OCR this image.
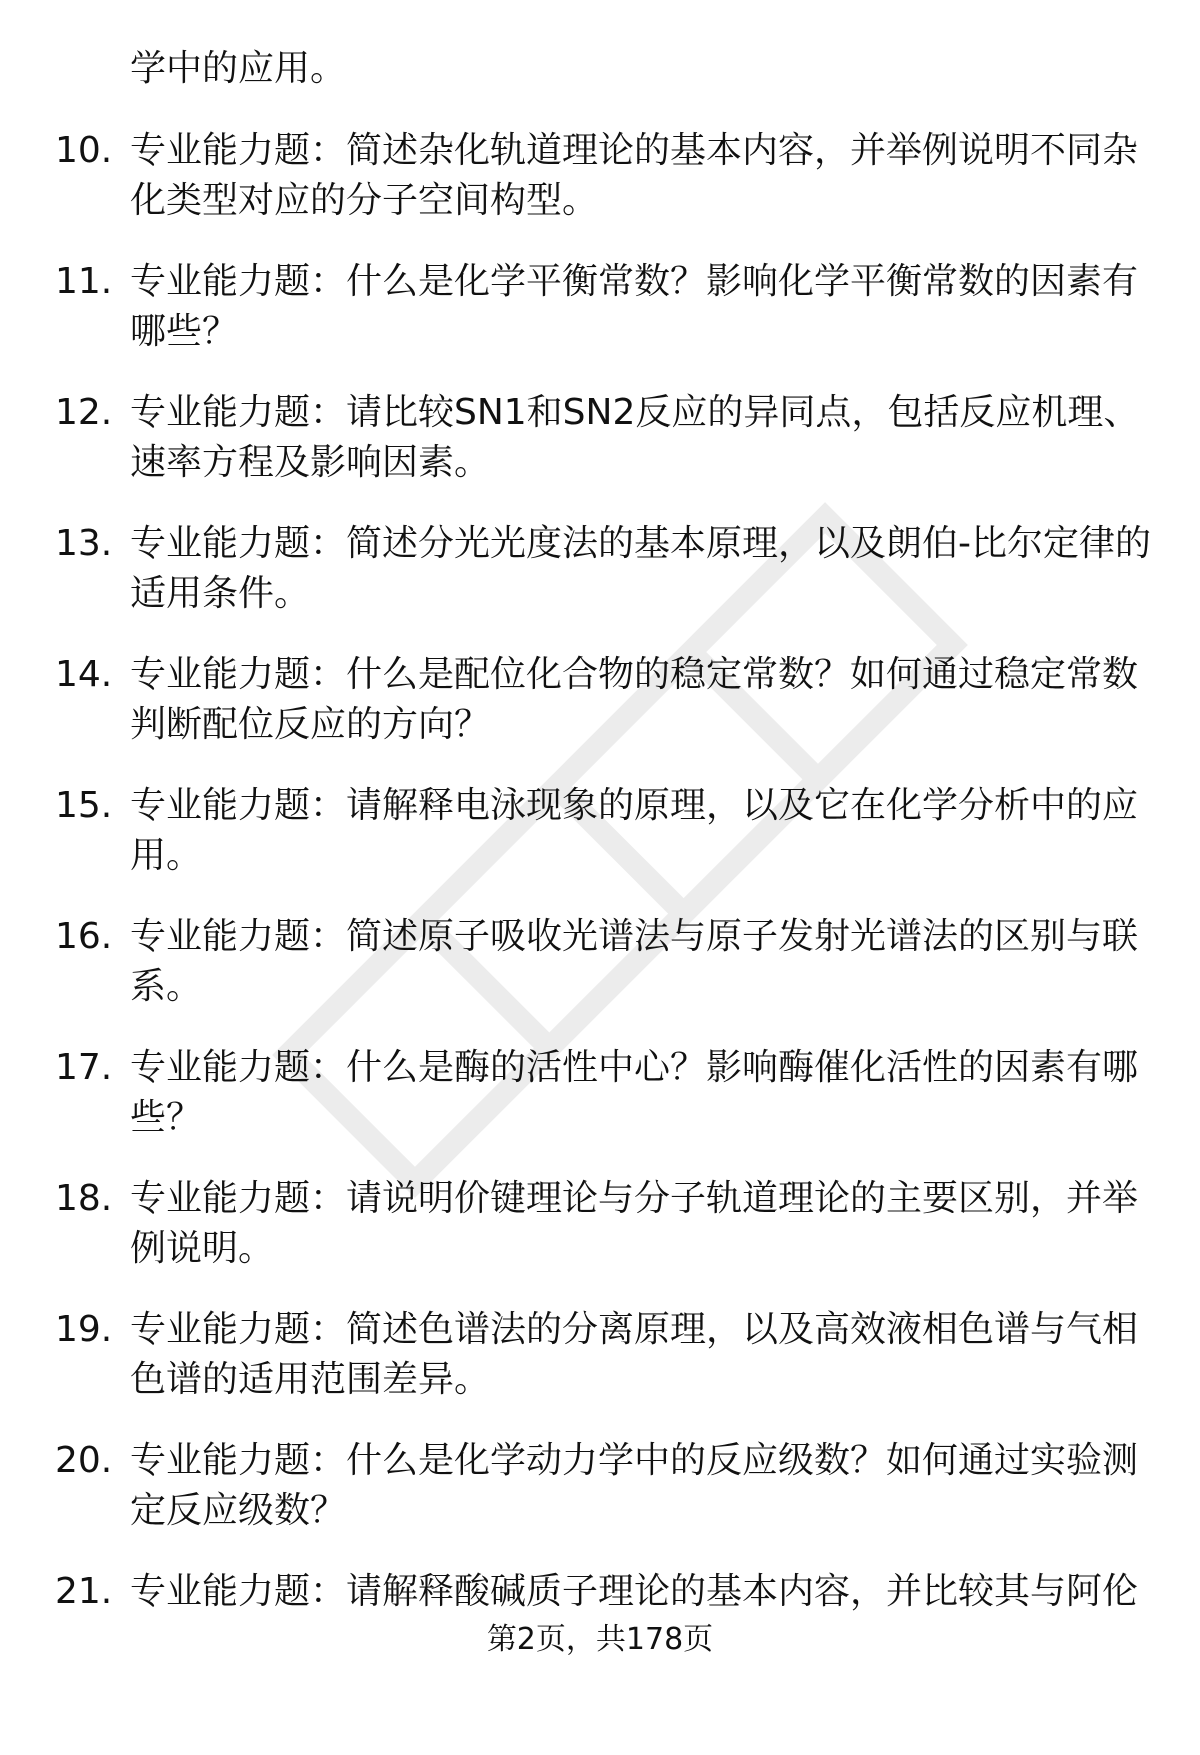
学中的应用。
10. 专业能力题：简述杂化轨道理论的基本内容，并举例说明不同杂
化类型对应的分子空间构型。
11. 专业能力题：什么是化学平衡常数？影响化学平衡常数的因素有
哪些？
12. 专业能力题：请比较SN1和SN2反应的异同点，包括反应机理、
速率方程及影响因素。
13. 专业能力题：简述分光光度法的基本原理，以及朗伯-比尔定律的
适用条件。
14. 专业能力题：什么是配位化合物的稳定常数？如何通过稳定常数
判断配位反应的方向？
15. 专业能力题：请解释电泳现象的原理，以及它在化学分析中的应
用。
16. 专业能力题：简述原子吸收光谱法与原子发射光谱法的区别与联
系。
17. 专业能力题：什么是酶的活性中心？影响酶催化活性的因素有哪
些？
18. 专业能力题：请说明价键理论与分子轨道理论的主要区别，并举
例说明。
19. 专业能力题：简述色谱法的分离原理，以及高效液相色谱与气相
色谱的适用范围差异。
20. 专业能力题：什么是化学动力学中的反应级数？如何通过实验测
定反应级数？
21. 专业能力题：请解释酸碱质子理论的基本内容，并比较其与阿伦
第2页，共178页
